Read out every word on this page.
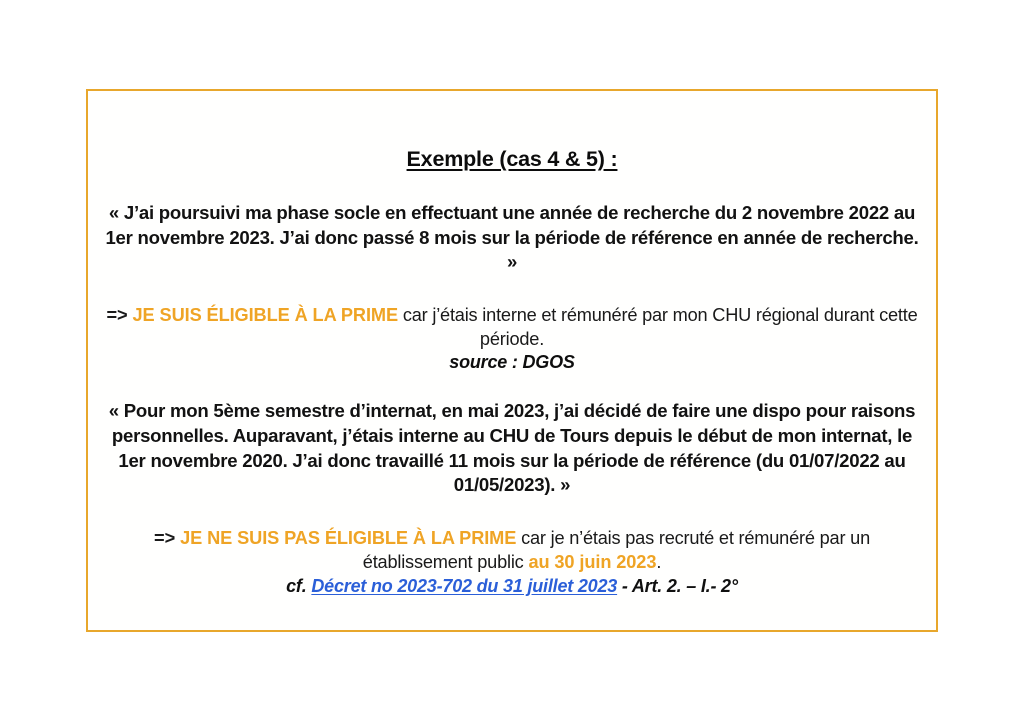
Exemple (cas 4 & 5) :

« J’ai poursuivi ma phase socle en effectuant une année de recherche du 2 novembre 2022 au 1er novembre 2023. J’ai donc passé 8 mois sur la période de référence en année de recherche. »

=> JE SUIS ÉLIGIBLE À LA PRIME car j’étais interne et rémunéré par mon CHU régional durant cette période.

source : DGOS

« Pour mon 5ème semestre d’internat, en mai 2023, j’ai décidé de faire une dispo pour raisons personnelles. Auparavant, j’étais interne au CHU de Tours depuis le début de mon internat, le 1er novembre 2020. J’ai donc travaillé 11 mois sur la période de référence (du 01/07/2022 au 01/05/2023). »

=> JE NE SUIS PAS ÉLIGIBLE À LA PRIME car je n’étais pas recruté et rémunéré par un établissement public au 30 juin 2023.

cf. Décret no 2023-702 du 31 juillet 2023 - Art. 2. – I.- 2°
